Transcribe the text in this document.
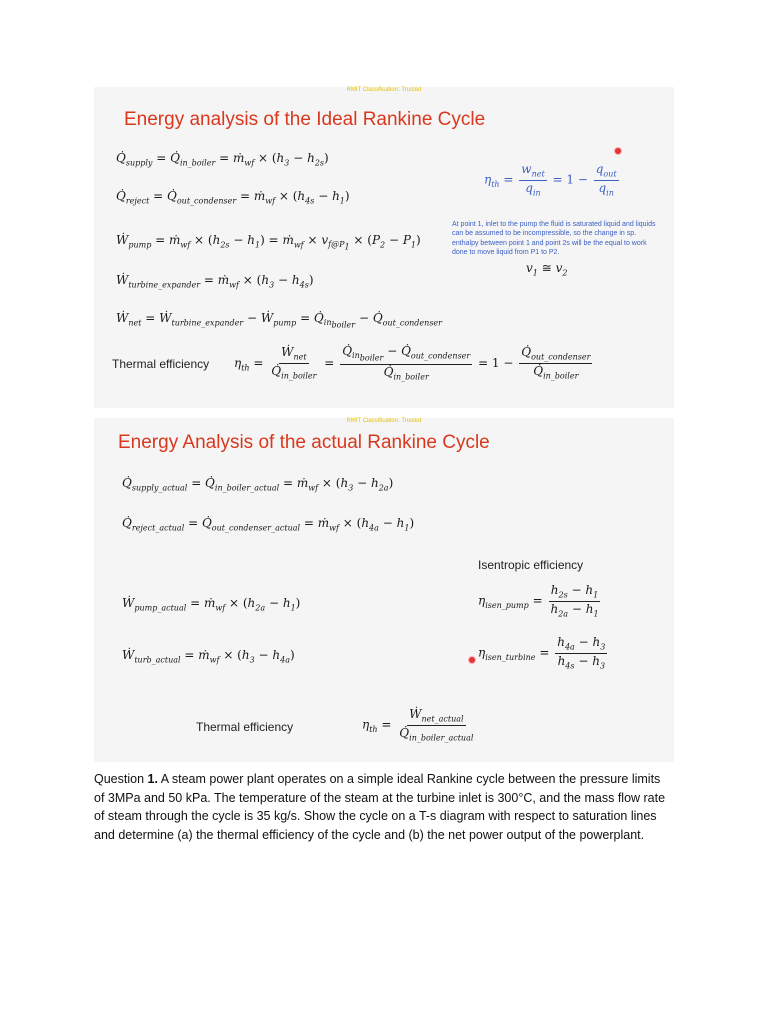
RMIT Classification: Trusted
Energy analysis of the Ideal Rankine Cycle
$Q̇_{supply}$ = $Q̇_{in\_boiler}$ = ṁ$_{wf}$ × $(h_3 - h_{2s})$
$\eta_{th} = \frac{w_{net}}{q_{in}} = 1 - \frac{q_{out}}{q_{in}}$
$Q̇_{reject}$ = $Q̇_{out\_condenser}$ = ṁ$_{wf}$ × $(h_{4s} - h_1)$
At point 1, inlet to the pump the fluid is saturated liquid and liquids can be assumed to be incompressible, so the change in sp. enthalpy between point 1 and point 2s will be the equal to work done to move liquid from P1 to P2.
Ẇ$_{pump}$ = ṁ$_{wf}$ × $(h_{2s} - h_1)$ = ṁ$_{wf}$ × $v_{f@P_1} \times (P_2 - P_1)$
$v_1$ ≅ $v_2$
Ẇ$_{turbine\_expander}$ = ṁ$_{wf}$ × $(h_3 - h_{4s})$
Ẇ$_{net}$ = Ẇ$_{turbine\_expander}$ − Ẇ$_{pump}$ = $Q̇_{in_{boiler}}$ − $Q̇_{out\_condenser}$
Thermal efficiency $\eta_{th} = \frac{Ẇ_{net}}{Q̇_{in\_boiler}} = \frac{Q̇_{in_{boiler}} - Q̇_{out\_condenser}}{Q̇_{in\_boiler}} = 1 - \frac{Q̇_{out\_condenser}}{Q̇_{in\_boiler}}$
RMIT Classification: Trusted
Energy Analysis of the actual Rankine Cycle
$Q̇_{supply\_actual}$ = $Q̇_{in\_boiler\_actual}$ = ṁ$_{wf}$ × $(h_3 - h_{2a})$
$Q̇_{reject\_actual}$ = $Q̇_{out\_condenser\_actual}$ = ṁ$_{wf}$ × $(h_{4a} - h_1)$
Isentropic efficiency
Ẇ$_{pump\_actual}$ = ṁ$_{wf}$ × $(h_{2a} - h_1)$	$\eta_{isen\_pump} = \frac{h_{2s} - h_1}{h_{2a} - h_1}$
Ẇ$_{turb\_actual}$ = ṁ$_{wf}$ × $(h_3 - h_{4a})$	$\eta_{isen\_turbine} = \frac{h_{4a} - h_3}{h_{4s} - h_3}$
Thermal efficiency	$\eta_{th} = \frac{Ẇ_{net\_actual}}{Q̇_{in\_boiler\_actual}}$
Question 1. A steam power plant operates on a simple ideal Rankine cycle between the pressure limits of 3MPa and 50 kPa. The temperature of the steam at the turbine inlet is 300°C, and the mass flow rate of steam through the cycle is 35 kg/s. Show the cycle on a T-s diagram with respect to saturation lines and determine (a) the thermal efficiency of the cycle and (b) the net power output of the powerplant.
